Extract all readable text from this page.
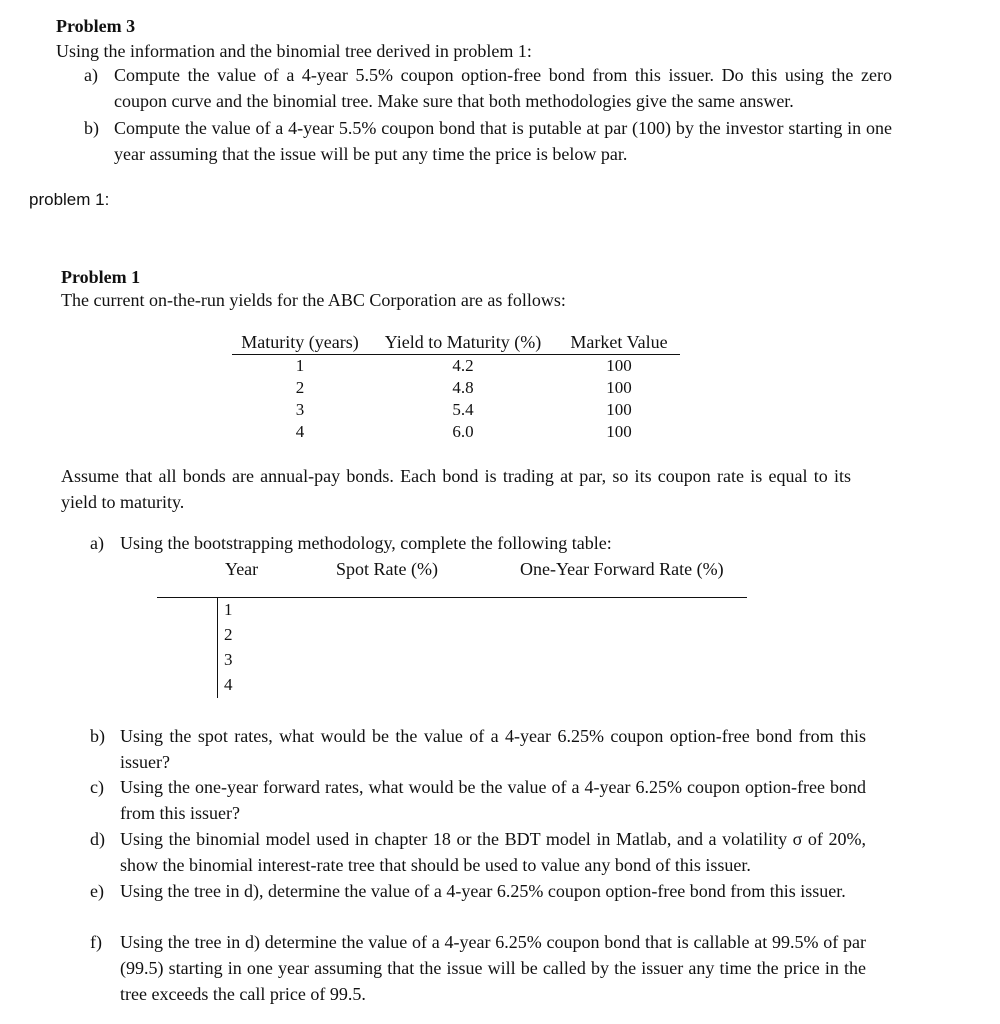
Problem 3
Using the information and the binomial tree derived in problem 1:
a) Compute the value of a 4-year 5.5% coupon option-free bond from this issuer. Do this using the zero coupon curve and the binomial tree. Make sure that both methodologies give the same answer.
b) Compute the value of a 4-year 5.5% coupon bond that is putable at par (100) by the investor starting in one year assuming that the issue will be put any time the price is below par.
problem 1:
Problem 1
The current on-the-run yields for the ABC Corporation are as follows:
Maturity (years)	Yield to Maturity (%)	Market Value
1	4.2	100
2	4.8	100
3	5.4	100
4	6.0	100
Assume that all bonds are annual-pay bonds. Each bond is trading at par, so its coupon rate is equal to its yield to maturity.
a) Using the bootstrapping methodology, complete the following table:
Year	Spot Rate (%)	One-Year Forward Rate (%)
1
2
3
4
b) Using the spot rates, what would be the value of a 4-year 6.25% coupon option-free bond from this issuer?
c) Using the one-year forward rates, what would be the value of a 4-year 6.25% coupon option-free bond from this issuer?
d) Using the binomial model used in chapter 18 or the BDT model in Matlab, and a volatility σ of 20%, show the binomial interest-rate tree that should be used to value any bond of this issuer.
e) Using the tree in d), determine the value of a 4-year 6.25% coupon option-free bond from this issuer.
f)	Using the tree in d) determine the value of a 4-year 6.25% coupon bond that is callable at 99.5% of par (99.5) starting in one year assuming that the issue will be called by the issuer any time the price in the tree exceeds the call price of 99.5.
